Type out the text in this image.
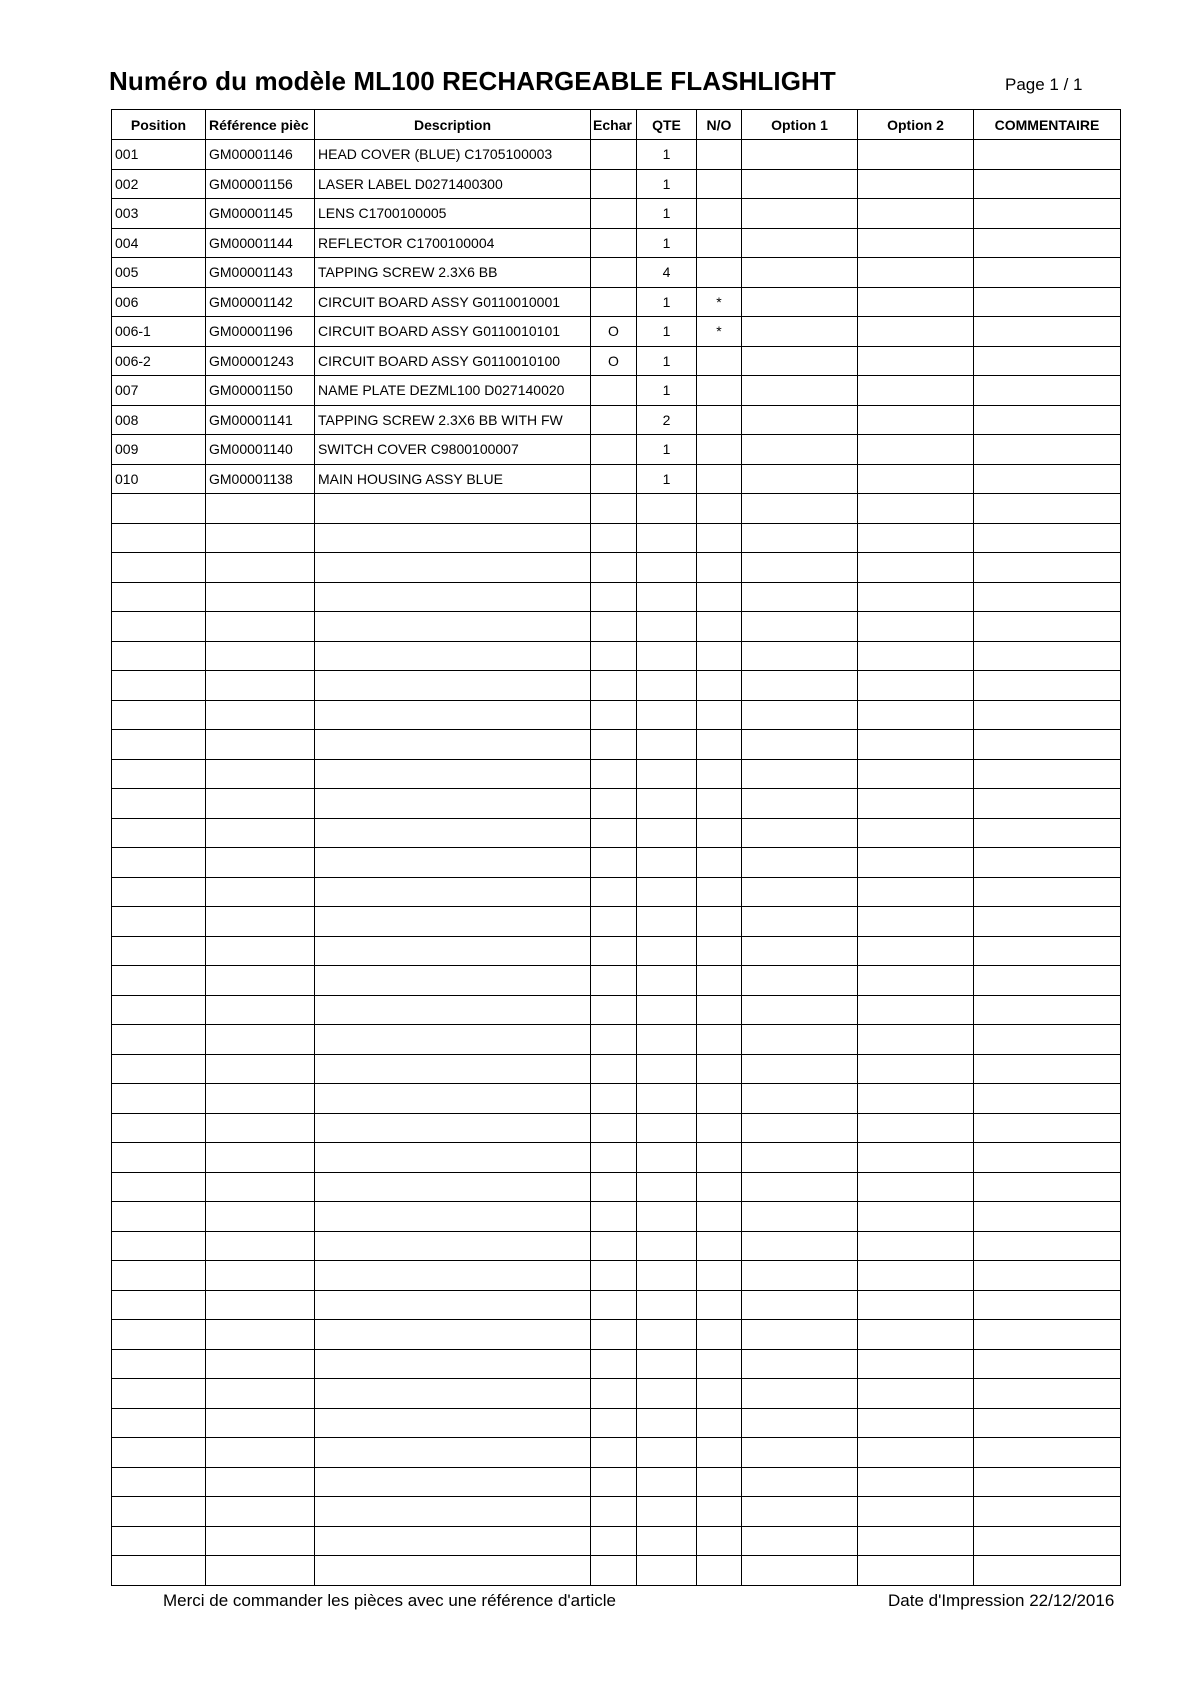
Numéro du modèle ML100 RECHARGEABLE FLASHLIGHT	Page 1 / 1
Position	Référence pièc	Description	Echar	QTE	N/O	Option 1	Option 2	COMMENTAIRE
001	GM00001146	HEAD COVER (BLUE) C1705100003		1				
002	GM00001156	LASER LABEL D0271400300		1				
003	GM00001145	LENS C1700100005		1				
004	GM00001144	REFLECTOR C1700100004		1				
005	GM00001143	TAPPING SCREW 2.3X6 BB		4				
006	GM00001142	CIRCUIT BOARD ASSY G0110010001		1	*			
006-1	GM00001196	CIRCUIT BOARD ASSY G0110010101	O	1	*			
006-2	GM00001243	CIRCUIT BOARD ASSY G0110010100	O	1				
007	GM00001150	NAME PLATE DEZML100 D027140020		1				
008	GM00001141	TAPPING SCREW 2.3X6 BB WITH FW		2				
009	GM00001140	SWITCH COVER C9800100007		1				
010	GM00001138	MAIN HOUSING ASSY BLUE		1				

Merci de commander les pièces avec une référence d'article	Date d'Impression 22/12/2016
